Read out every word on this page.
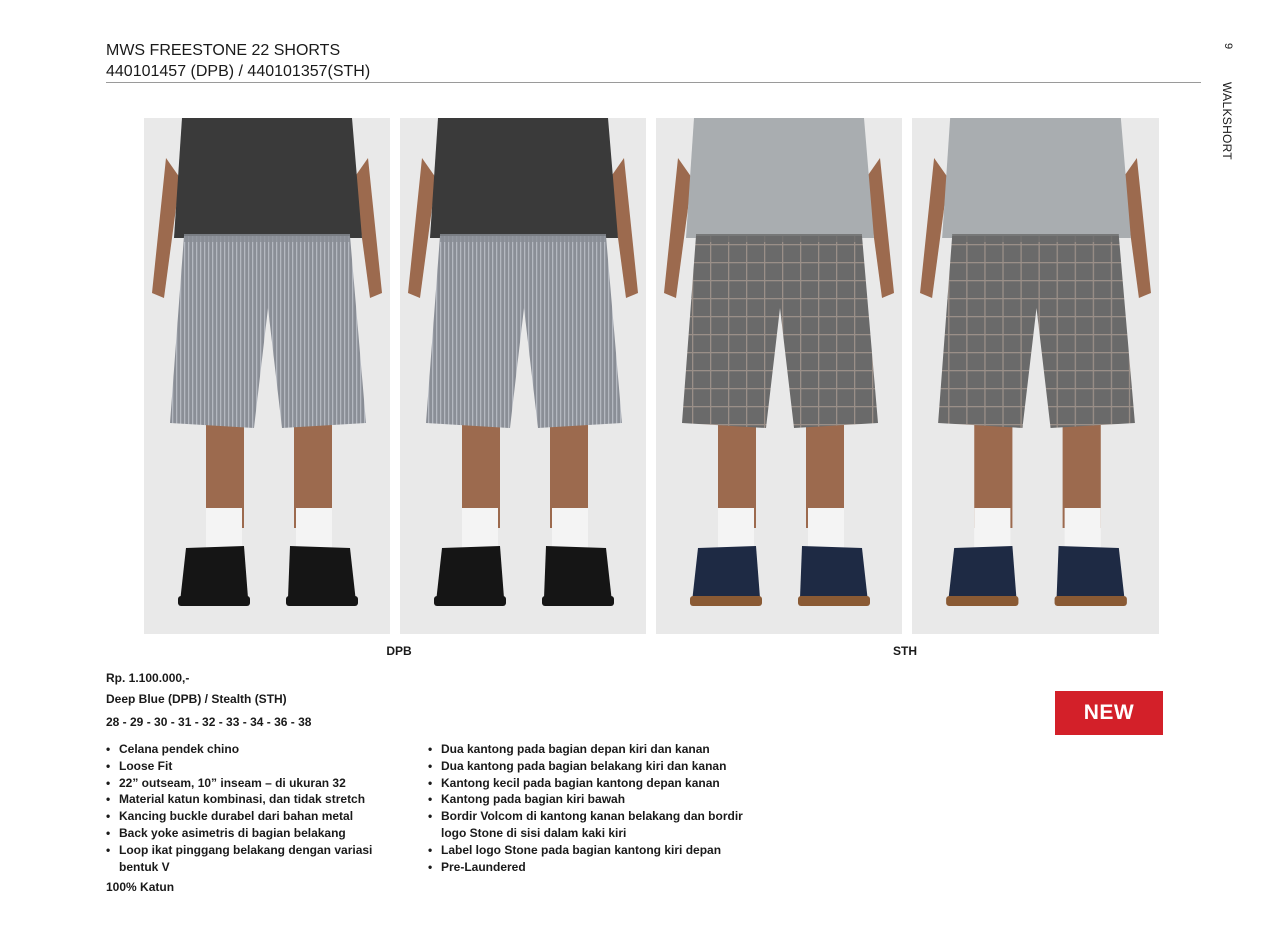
MWS FREESTONE 22 SHORTS
440101457 (DPB) / 440101357(STH)
9
WALKSHORT
DPB	STH
Rp. 1.100.000,-
Deep Blue (DPB) / Stealth (STH)
28 - 29 - 30 - 31 - 32 - 33 - 34 - 36 - 38	NEW
• Celana pendek chino
• Loose Fit
• 22” outseam, 10” inseam – di ukuran 32
• Material katun kombinasi, dan tidak stretch
• Kancing buckle durabel dari bahan metal
• Back yoke asimetris di bagian belakang
• Loop ikat pinggang belakang dengan variasi bentuk V
100% Katun
• Dua kantong pada bagian depan kiri dan kanan
• Dua kantong pada bagian belakang kiri dan kanan
• Kantong kecil pada bagian kantong depan kanan
• Kantong pada bagian kiri bawah
• Bordir Volcom di kantong kanan belakang dan bordir logo Stone di sisi dalam kaki kiri
• Label logo Stone pada bagian kantong kiri depan
• Pre-Laundered
